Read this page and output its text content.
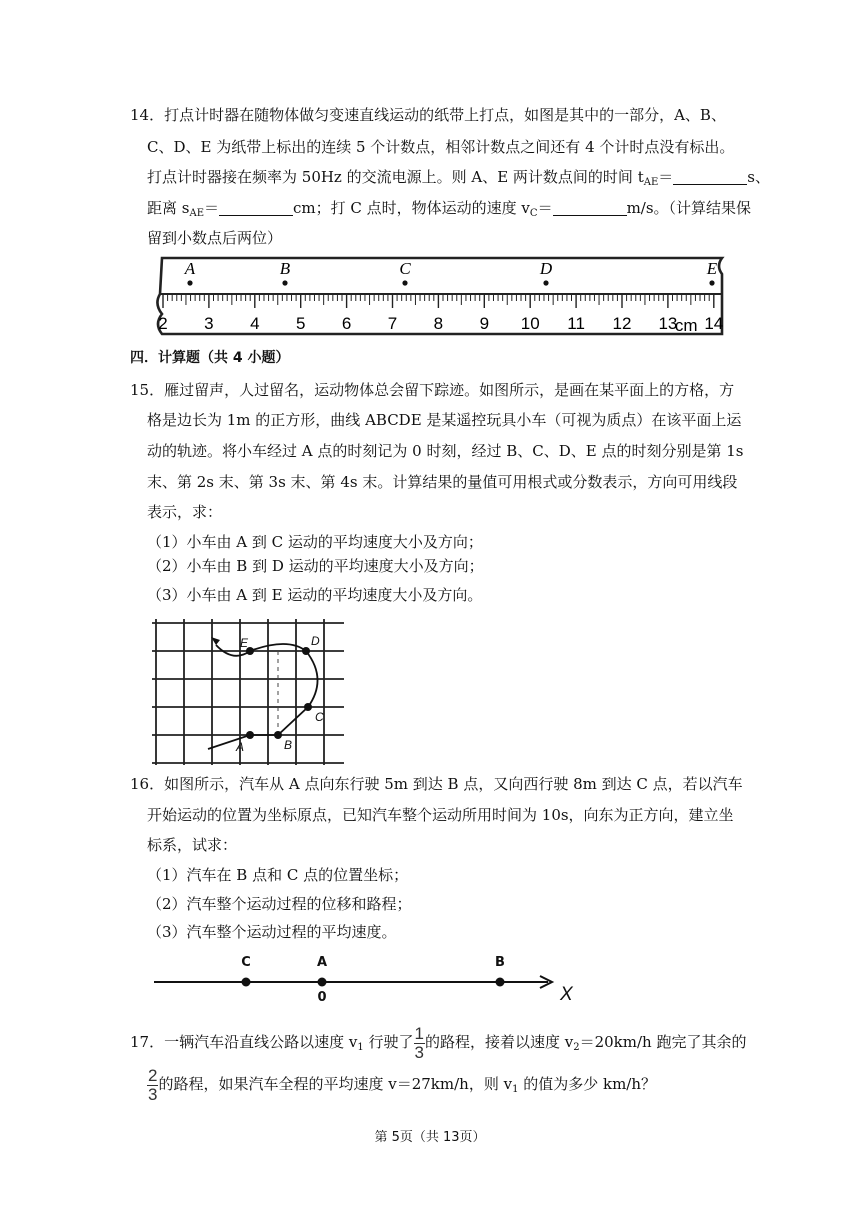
14．打点计时器在随物体做匀变速直线运动的纸带上打点，如图是其中的一部分，A、B、
C、D、E 为纸带上标出的连续 5 个计数点，相邻计数点之间还有 4 个计时点没有标出。
打点计时器接在频率为 50Hz 的交流电源上。则 A、E 两计数点间的时间 $t_{AE}=$	s、
距离 $s_{AE}=$	cm；打 C 点时，物体运动的速度 $v_C=$	m/s。（计算结果保
留到小数点后两位）
2 3 4 5 6 7 8 9 10 11 12 13 14
cm
A	B	C	D	E
四．计算题（共 4 小题）
15．雁过留声，人过留名，运动物体总会留下踪迹。如图所示，是画在某平面上的方格，方
格是边长为 1m 的正方形，曲线 ABCDE 是某遥控玩具小车（可视为质点）在该平面上运
动的轨迹。将小车经过 A 点的时刻记为 0 时刻，经过 B、C、D、E 点的时刻分别是第 1s
末、第 2s 末、第 3s 末、第 4s 末。计算结果的量值可用根式或分数表示，方向可用线段
表示，求：
（1）小车由 A 到 C 运动的平均速度大小及方向；
（2）小车由 B 到 D 运动的平均速度大小及方向；
（3）小车由 A 到 E 运动的平均速度大小及方向。
E	D
C
A	B
16．如图所示，汽车从 A 点向东行驶 5m 到达 B 点，又向西行驶 8m 到达 C 点，若以汽车
开始运动的位置为坐标原点，已知汽车整个运动所用时间为 10s，向东为正方向，建立坐
标系，试求：
（1）汽车在 B 点和 C 点的位置坐标；
（2）汽车整个运动过程的位移和路程；
（3）汽车整个运动过程的平均速度。
C	A	B
0	X
17．一辆汽车沿直线公路以速度 $v_1$ 行驶了 $\frac{1}{3}$ 的路程，接着以速度 $v_2=20km/h$ 跑完了其余的
$\frac{2}{3}$ 的路程，如果汽车全程的平均速度 v＝27km/h，则 $v_1$ 的值为多少 km/h？
第 5页（共 13页）
